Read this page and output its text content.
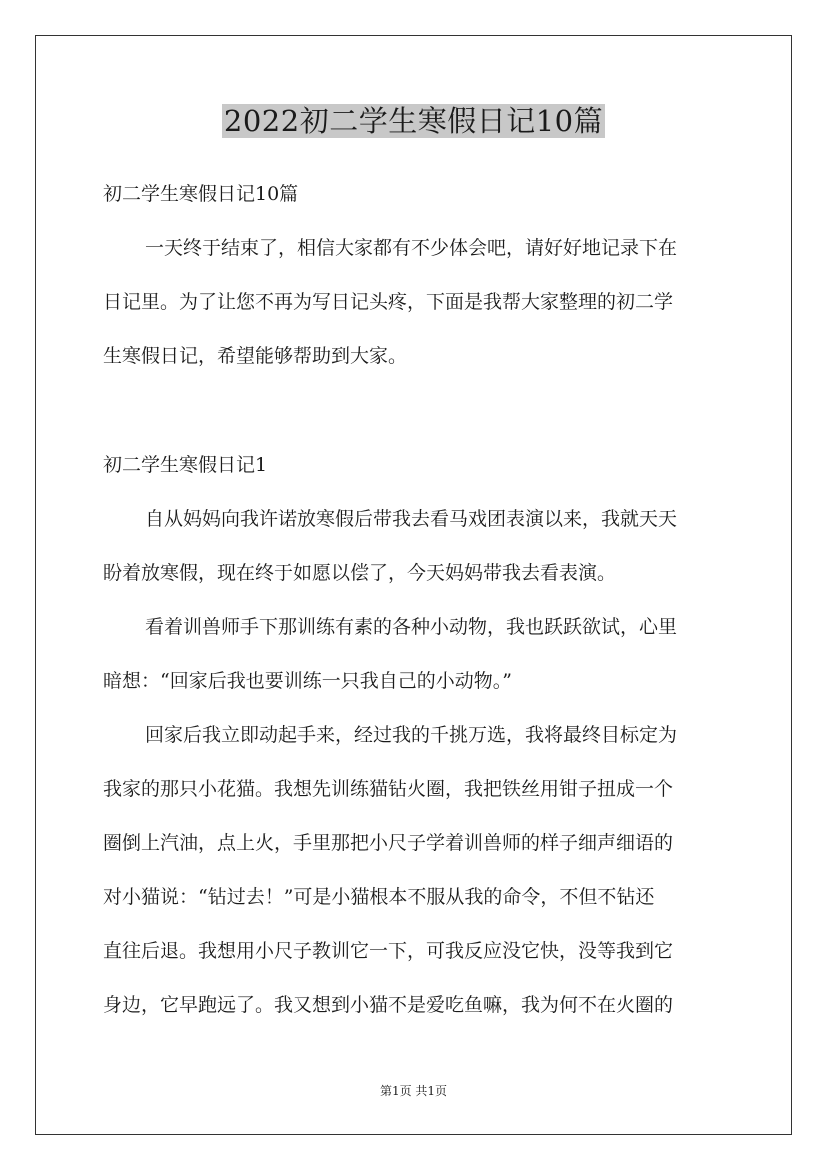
2022初二学生寒假日记10篇
初二学生寒假日记10篇
一天终于结束了，相信大家都有不少体会吧，请好好地记录下在
日记里。为了让您不再为写日记头疼，下面是我帮大家整理的初二学
生寒假日记，希望能够帮助到大家。
初二学生寒假日记1
自从妈妈向我许诺放寒假后带我去看马戏团表演以来，我就天天
盼着放寒假，现在终于如愿以偿了，今天妈妈带我去看表演。
看着训兽师手下那训练有素的各种小动物，我也跃跃欲试，心里
暗想：“回家后我也要训练一只我自己的小动物。”
回家后我立即动起手来，经过我的千挑万选，我将最终目标定为
我家的那只小花猫。我想先训练猫钻火圈，我把铁丝用钳子扭成一个
圈倒上汽油，点上火，手里那把小尺子学着训兽师的样子细声细语的
对小猫说：“钻过去！”可是小猫根本不服从我的命令，不但不钻还
直往后退。我想用小尺子教训它一下，可我反应没它快，没等我到它
身边，它早跑远了。我又想到小猫不是爱吃鱼嘛，我为何不在火圈的
第1页 共1页
